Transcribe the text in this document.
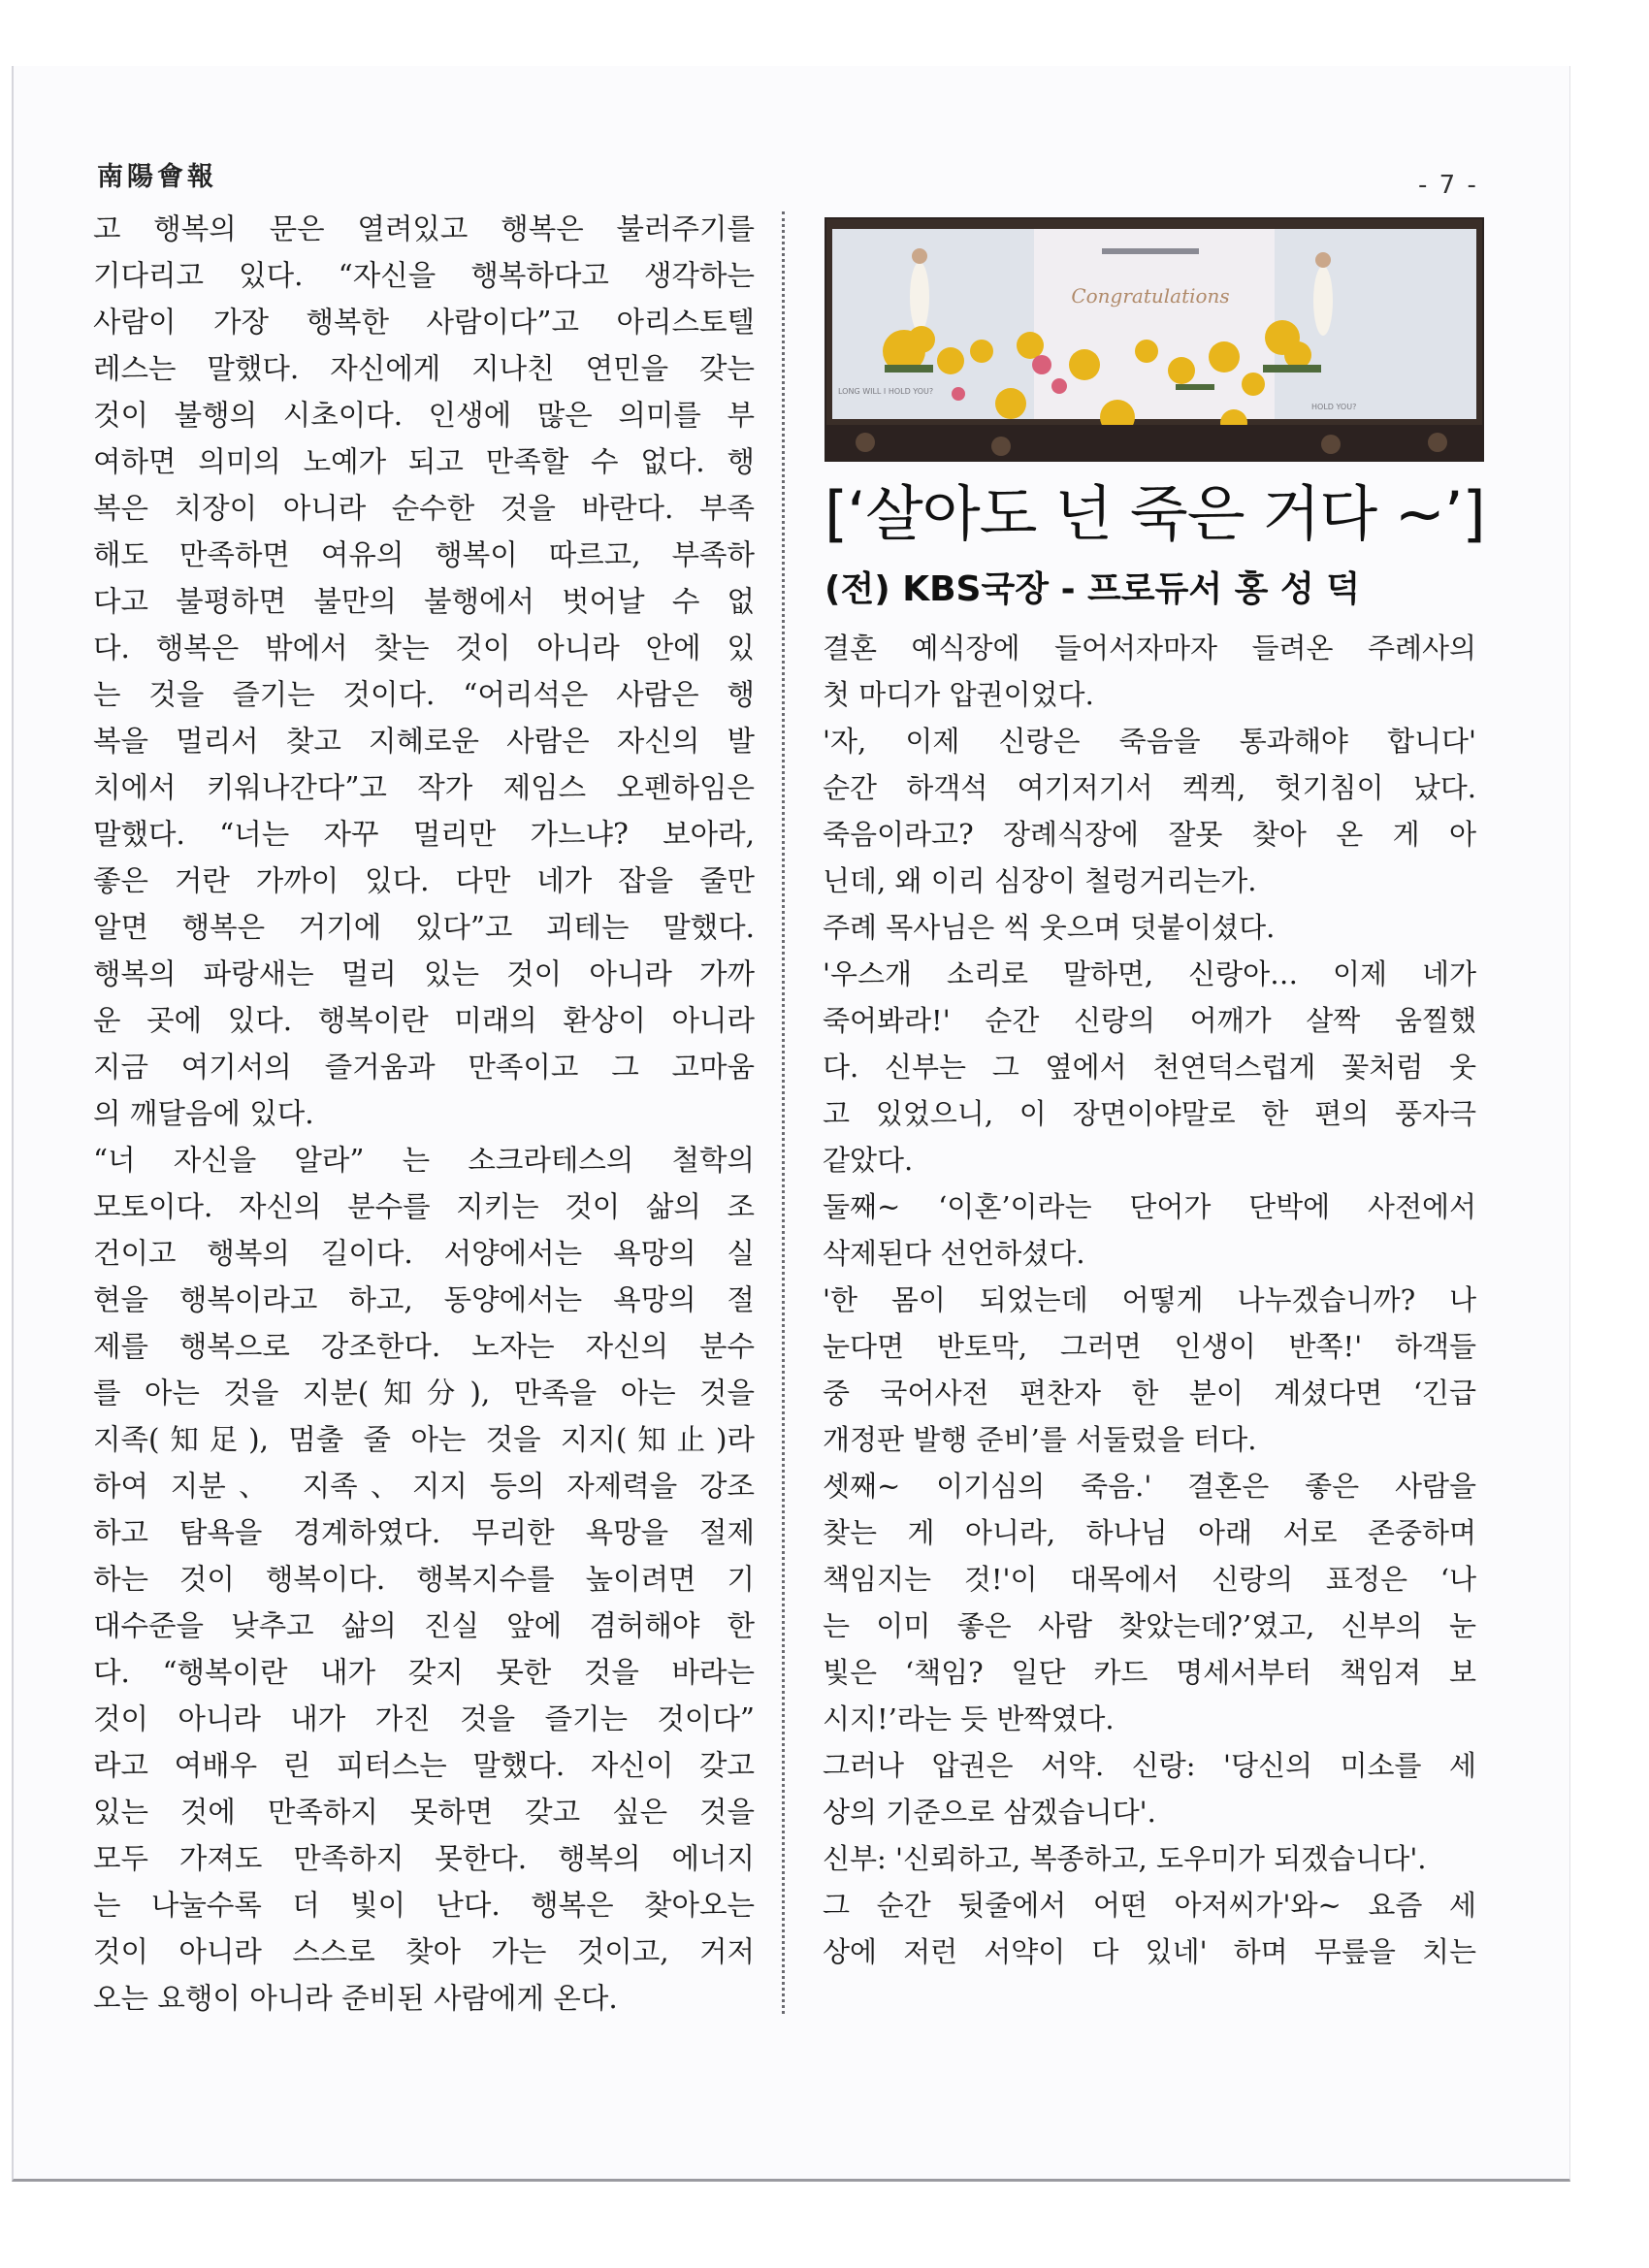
南陽會報	- 7 -
고 행복의 문은 열려있고 행복은 불러주기를
기다리고 있다. “자신을 행복하다고 생각하는
사람이 가장 행복한 사람이다”고 아리스토텔
레스는 말했다. 자신에게 지나친 연민을 갖는
것이 불행의 시초이다. 인생에 많은 의미를 부
여하면 의미의 노예가 되고 만족할 수 없다. 행
복은 치장이 아니라 순수한 것을 바란다. 부족
해도 만족하면 여유의 행복이 따르고, 부족하
다고 불평하면 불만의 불행에서 벗어날 수 없
다. 행복은 밖에서 찾는 것이 아니라 안에 있
는 것을 즐기는 것이다. “어리석은 사람은 행
복을 멀리서 찾고 지혜로운 사람은 자신의 발
치에서 키워나간다”고 작가 제임스 오펜하임은
말했다. “너는 자꾸 멀리만 가느냐? 보아라,
좋은 거란 가까이 있다. 다만 네가 잡을 줄만
알면 행복은 거기에 있다”고 괴테는 말했다.
행복의 파랑새는 멀리 있는 것이 아니라 가까
운 곳에 있다. 행복이란 미래의 환상이 아니라
지금 여기서의 즐거움과 만족이고 그 고마움
의 깨달음에 있다.
“너 자신을 알라” 는 소크라테스의 철학의
모토이다. 자신의 분수를 지키는 것이 삶의 조
건이고 행복의 길이다. 서양에서는 욕망의 실
현을 행복이라고 하고, 동양에서는 욕망의 절
제를 행복으로 강조한다. 노자는 자신의 분수
를 아는 것을 지분(知分), 만족을 아는 것을
지족(知足), 멈출 줄 아는 것을 지지(知止)라
하여 지분、 지족、지지 등의 자제력을 강조
하고 탐욕을 경계하였다. 무리한 욕망을 절제
하는 것이 행복이다. 행복지수를 높이려면 기
대수준을 낮추고 삶의 진실 앞에 겸허해야 한
다. “행복이란 내가 갖지 못한 것을 바라는
것이 아니라 내가 가진 것을 즐기는 것이다”
라고 여배우 린 피터스는 말했다. 자신이 갖고
있는 것에 만족하지 못하면 갖고 싶은 것을
모두 가져도 만족하지 못한다. 행복의 에너지
는 나눌수록 더 빛이 난다. 행복은 찾아오는
것이 아니라 스스로 찾아 가는 것이고, 거저
오는 요행이 아니라 준비된 사람에게 온다.
Congratulations
LONG WILL I HOLD YOU?
HOLD YOU?
[‘살아도 넌 죽은 거다 ~’]
(전) KBS국장 - 프로듀서 홍 성 덕
결혼 예식장에 들어서자마자 들려온 주례사의
첫 마디가 압권이었다.
'자, 이제 신랑은 죽음을 통과해야 합니다'
순간 하객석 여기저기서 켁켁, 헛기침이 났다.
죽음이라고? 장례식장에 잘못 찾아 온 게 아
닌데, 왜 이리 심장이 철렁거리는가.
주례 목사님은 씩 웃으며 덧붙이셨다.
'우스개 소리로 말하면, 신랑아… 이제 네가
죽어봐라!' 순간 신랑의 어깨가 살짝 움찔했
다. 신부는 그 옆에서 천연덕스럽게 꽃처럼 웃
고 있었으니, 이 장면이야말로 한 편의 풍자극
같았다.
둘째~ ‘이혼’이라는 단어가 단박에 사전에서
삭제된다 선언하셨다.
'한 몸이 되었는데 어떻게 나누겠습니까? 나
눈다면 반토막, 그러면 인생이 반쪽!' 하객들
중 국어사전 편찬자 한 분이 계셨다면 ‘긴급
개정판 발행 준비’를 서둘렀을 터다.
셋째~ 이기심의 죽음.' 결혼은 좋은 사람을
찾는 게 아니라, 하나님 아래 서로 존중하며
책임지는 것!'이 대목에서 신랑의 표정은 ‘나
는 이미 좋은 사람 찾았는데?’였고, 신부의 눈
빛은 ‘책임? 일단 카드 명세서부터 책임져 보
시지!’라는 듯 반짝였다.
그러나 압권은 서약. 신랑: '당신의 미소를 세
상의 기준으로 삼겠습니다'.
신부: '신뢰하고, 복종하고, 도우미가 되겠습니다'.
그 순간 뒷줄에서 어떤 아저씨가'와~ 요즘 세
상에 저런 서약이 다 있네' 하며 무릎을 치는
